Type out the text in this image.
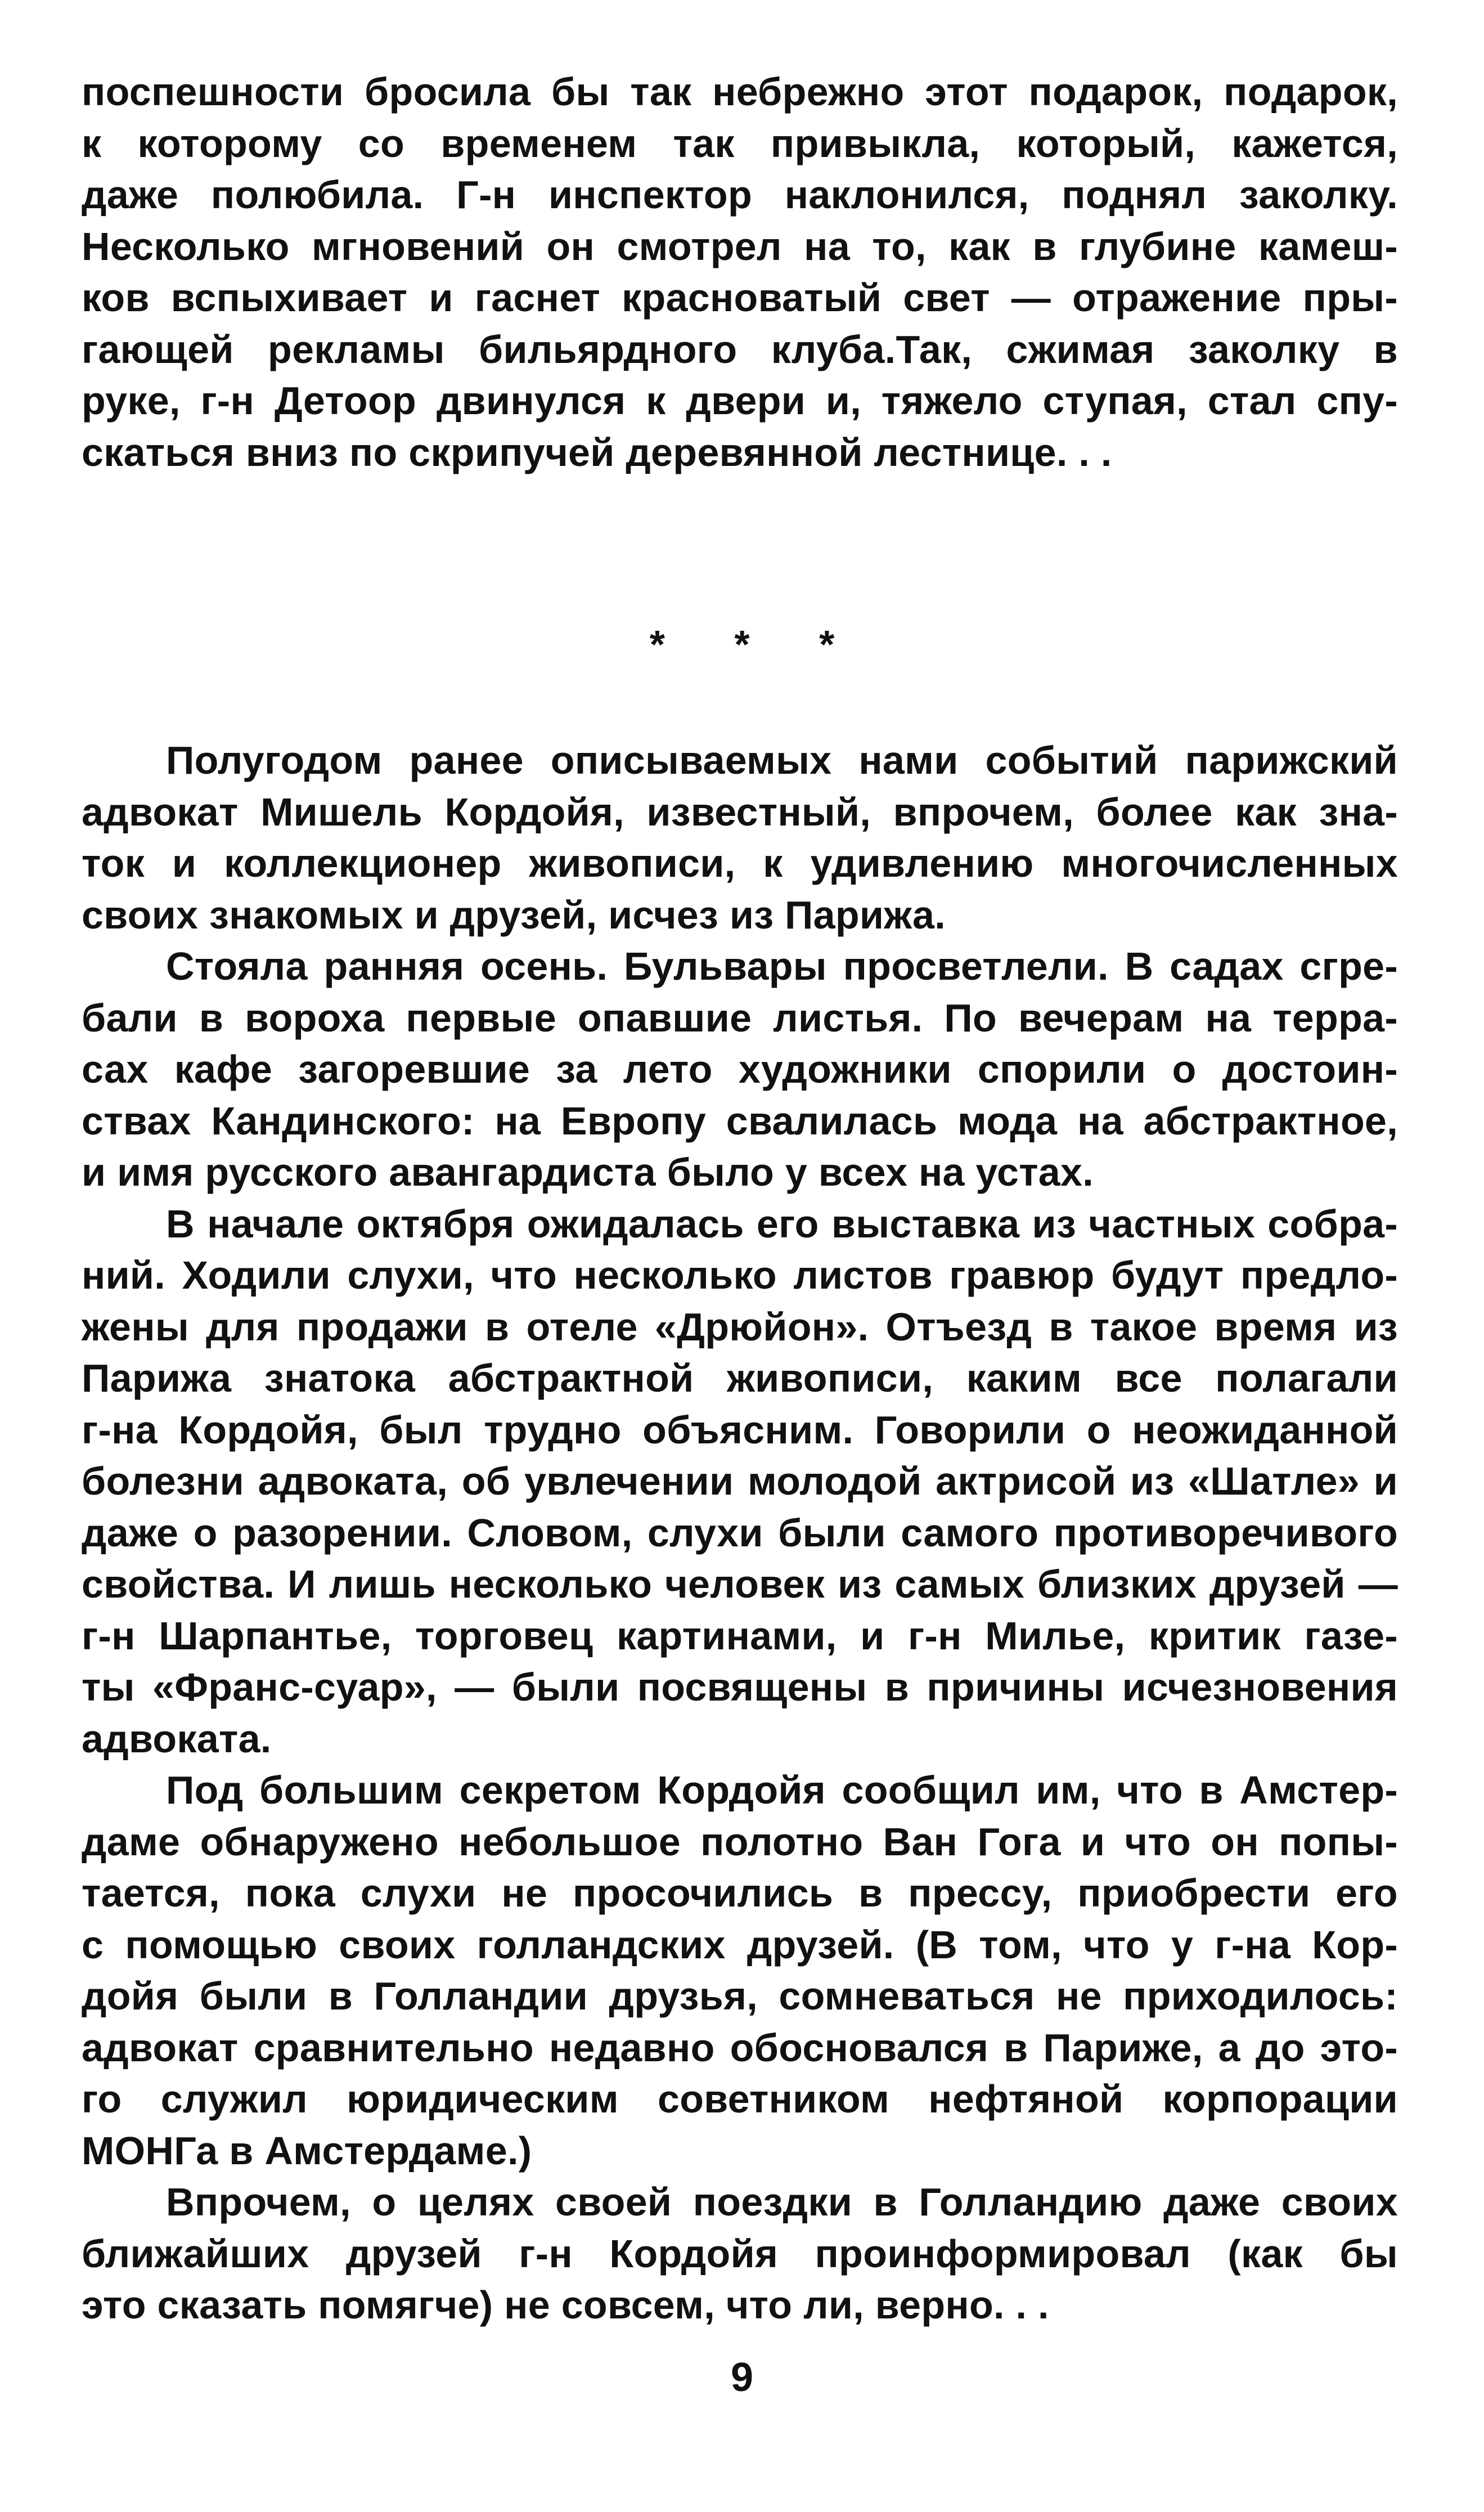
поспешности бросила бы так небрежно этот подарок, подарок,
к которому со временем так привыкла, который, кажется,
даже полюбила. Г-н инспектор наклонился, поднял заколку.
Несколько мгновений он смотрел на то, как в глубине камеш-
ков вспыхивает и гаснет красноватый свет — отражение пры-
гающей рекламы бильярдного клуба.Так, сжимая заколку в
руке, г-н Детоор двинулся к двери и, тяжело ступая, стал спу-
скаться вниз по скрипучей деревянной лестнице. . .
* * *
Полугодом ранее описываемых нами событий парижский
адвокат Мишель Кордойя, известный, впрочем, более как зна-
ток и коллекционер живописи, к удивлению многочисленных
своих знакомых и друзей, исчез из Парижа.
Стояла ранняя осень. Бульвары просветлели. В садах сгре-
бали в вороха первые опавшие листья. По вечерам на терра-
сах кафе загоревшие за лето художники спорили о достоин-
ствах Кандинского: на Европу свалилась мода на абстрактное,
и имя русского авангардиста было у всех на устах.
В начале октября ожидалась его выставка из частных собра-
ний. Ходили слухи, что несколько листов гравюр будут предло-
жены для продажи в отеле «Дрюйон». Отъезд в такое время из
Парижа знатока абстрактной живописи, каким все полагали
г-на Кордойя, был трудно объясним. Говорили о неожиданной
болезни адвоката, об увлечении молодой актрисой из «Шатле» и
даже о разорении. Словом, слухи были самого противоречивого
свойства. И лишь несколько человек из самых близких друзей —
г-н Шарпантье, торговец картинами, и г-н Милье, критик газе-
ты «Франс-суар», — были посвящены в причины исчезновения
адвоката.
Под большим секретом Кордойя сообщил им, что в Амстер-
даме обнаружено небольшое полотно Ван Гога и что он попы-
тается, пока слухи не просочились в прессу, приобрести его
с помощью своих голландских друзей. (В том, что у г-на Кор-
дойя были в Голландии друзья, сомневаться не приходилось:
адвокат сравнительно недавно обосновался в Париже, а до это-
го служил юридическим советником нефтяной корпорации
МОНГа в Амстердаме.)
Впрочем, о целях своей поездки в Голландию даже своих
ближайших друзей г-н Кордойя проинформировал (как бы
это сказать помягче) не совсем, что ли, верно. . .
9
